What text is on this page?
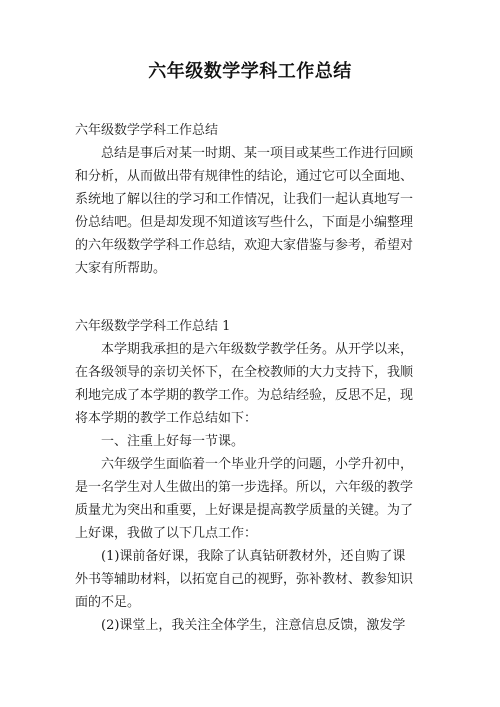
六年级数学学科工作总结
六年级数学学科工作总结
总结是事后对某一时期、某一项目或某些工作进行回顾
和分析，从而做出带有规律性的结论，通过它可以全面地、
系统地了解以往的学习和工作情况，让我们一起认真地写一
份总结吧。但是却发现不知道该写些什么，下面是小编整理
的六年级数学学科工作总结，欢迎大家借鉴与参考，希望对
大家有所帮助。
六年级数学学科工作总结 1
本学期我承担的是六年级数学教学任务。从开学以来，
在各级领导的亲切关怀下，在全校教师的大力支持下，我顺
利地完成了本学期的教学工作。为总结经验，反思不足，现
将本学期的教学工作总结如下：
一、注重上好每一节课。
六年级学生面临着一个毕业升学的问题，小学升初中，
是一名学生对人生做出的第一步选择。所以，六年级的教学
质量尤为突出和重要，上好课是提高教学质量的关键。为了
上好课，我做了以下几点工作：
(1)课前备好课，我除了认真钻研教材外，还自购了课
外书等辅助材料，以拓宽自己的视野，弥补教材、教参知识
面的不足。
(2)课堂上，我关注全体学生，注意信息反馈，激发学
